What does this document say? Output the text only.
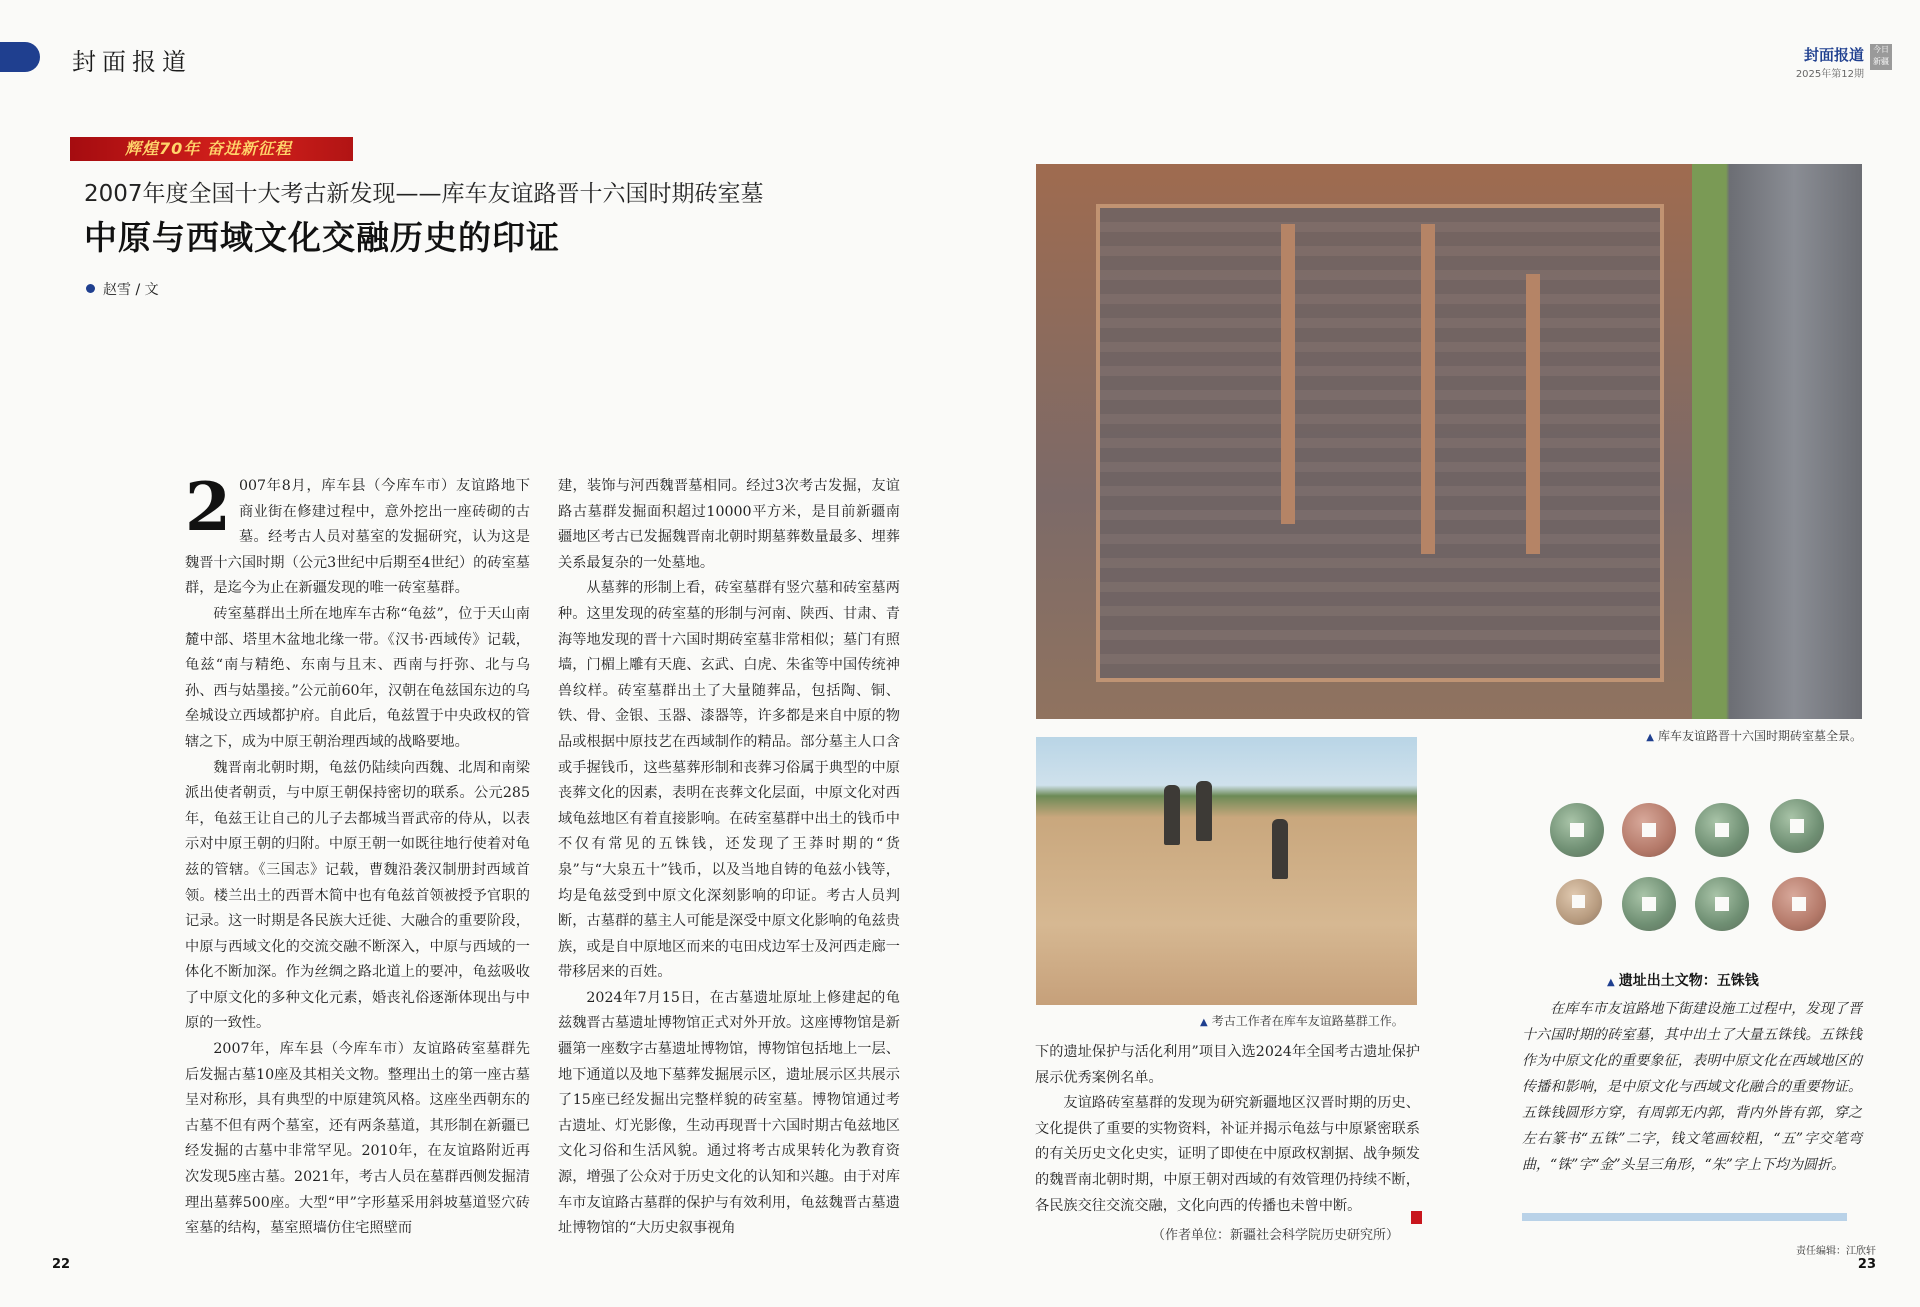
封面报道	封面报道
2025年第12期
今日新疆
辉煌70年 奋进新征程
2007年度全国十大考古新发现——库车友谊路晋十六国时期砖室墓
中原与西域文化交融历史的印证
赵雪 / 文
2 007年8月，库车县（今库车市）友谊路地下商业街在修建过程中，意外挖出一座砖砌的古墓。经考古人员对墓室的发掘研究，认为这是魏晋十六国时期（公元3世纪中后期至4世纪）的砖室墓群，是迄今为止在新疆发现的唯一砖室墓群。

砖室墓群出土所在地库车古称“龟兹”，位于天山南麓中部、塔里木盆地北缘一带。《汉书·西域传》记载，龟兹“南与精绝、东南与且末、西南与扜弥、北与乌孙、西与姑墨接。”公元前60年，汉朝在龟兹国东边的乌垒城设立西域都护府。自此后，龟兹置于中央政权的管辖之下，成为中原王朝治理西域的战略要地。

魏晋南北朝时期，龟兹仍陆续向西魏、北周和南梁派出使者朝贡，与中原王朝保持密切的联系。公元285年，龟兹王让自己的儿子去都城当晋武帝的侍从，以表示对中原王朝的归附。中原王朝一如既往地行使着对龟兹的管辖。《三国志》记载，曹魏沿袭汉制册封西域首领。楼兰出土的西晋木简中也有龟兹首领被授予官职的记录。这一时期是各民族大迁徙、大融合的重要阶段，中原与西域文化的交流交融不断深入，中原与西域的一体化不断加深。作为丝绸之路北道上的要冲，龟兹吸收了中原文化的多种文化元素，婚丧礼俗逐渐体现出与中原的一致性。

2007年，库车县（今库车市）友谊路砖室墓群先后发掘古墓10座及其相关文物。整理出土的第一座古墓呈对称形，具有典型的中原建筑风格。这座坐西朝东的古墓不但有两个墓室，还有两条墓道，其形制在新疆已经发掘的古墓中非常罕见。2010年，在友谊路附近再次发现5座古墓。2021年，考古人员在墓群西侧发掘清理出墓葬500座。大型“甲”字形墓采用斜坡墓道竖穴砖室墓的结构，墓室照墙仿住宅照壁而

建，装饰与河西魏晋墓相同。经过3次考古发掘，友谊路古墓群发掘面积超过10000平方米，是目前新疆南疆地区考古已发掘魏晋南北朝时期墓葬数量最多、埋葬关系最复杂的一处墓地。

从墓葬的形制上看，砖室墓群有竖穴墓和砖室墓两种。这里发现的砖室墓的形制与河南、陕西、甘肃、青海等地发现的晋十六国时期砖室墓非常相似；墓门有照墙，门楣上雕有天鹿、玄武、白虎、朱雀等中国传统神兽纹样。砖室墓群出土了大量随葬品，包括陶、铜、铁、骨、金银、玉器、漆器等，许多都是来自中原的物品或根据中原技艺在西域制作的精品。部分墓主人口含或手握钱币，这些墓葬形制和丧葬习俗属于典型的中原丧葬文化的因素，表明在丧葬文化层面，中原文化对西域龟兹地区有着直接影响。在砖室墓群中出土的钱币中不仅有常见的五铢钱，还发现了王莽时期的“货泉”与“大泉五十”钱币，以及当地自铸的龟兹小钱等，均是龟兹受到中原文化深刻影响的印证。考古人员判断，古墓群的墓主人可能是深受中原文化影响的龟兹贵族，或是自中原地区而来的屯田戍边军士及河西走廊一带移居来的百姓。

2024年7月15日，在古墓遗址原址上修建起的龟兹魏晋古墓遗址博物馆正式对外开放。这座博物馆是新疆第一座数字古墓遗址博物馆，博物馆包括地上一层、地下通道以及地下墓葬发掘展示区，遗址展示区共展示了15座已经发掘出完整样貌的砖室墓。博物馆通过考古遗址、灯光影像，生动再现晋十六国时期古龟兹地区文化习俗和生活风貌。通过将考古成果转化为教育资源，增强了公众对于历史文化的认知和兴趣。由于对库车市友谊路古墓群的保护与有效利用，龟兹魏晋古墓遗址博物馆的“大历史叙事视角

▲ 库车友谊路晋十六国时期砖室墓全景。
▲ 考古工作者在库车友谊路墓群工作。

下的遗址保护与活化利用”项目入选2024年全国考古遗址保护展示优秀案例名单。

友谊路砖室墓群的发现为研究新疆地区汉晋时期的历史、文化提供了重要的实物资料，补证并揭示龟兹与中原紧密联系的有关历史文化史实，证明了即使在中原政权割据、战争频发的魏晋南北朝时期，中原王朝对西域的有效管理仍持续不断，各民族交往交流交融，文化向西的传播也未曾中断。

（作者单位：新疆社会科学院历史研究所）
▲ 遗址出土文物：五铢钱

在库车市友谊路地下街建设施工过程中，发现了晋十六国时期的砖室墓，其中出土了大量五铢钱。五铢钱作为中原文化的重要象征，表明中原文化在西域地区的传播和影响，是中原文化与西域文化融合的重要物证。五铢钱圆形方穿，有周郭无内郭，背内外皆有郭，穿之左右篆书“五铢”二字，钱文笔画较粗，“五”字交笔弯曲，“铢”字“金”头呈三角形，“朱”字上下均为圆折。

22
责任编辑：江欣轩
23
